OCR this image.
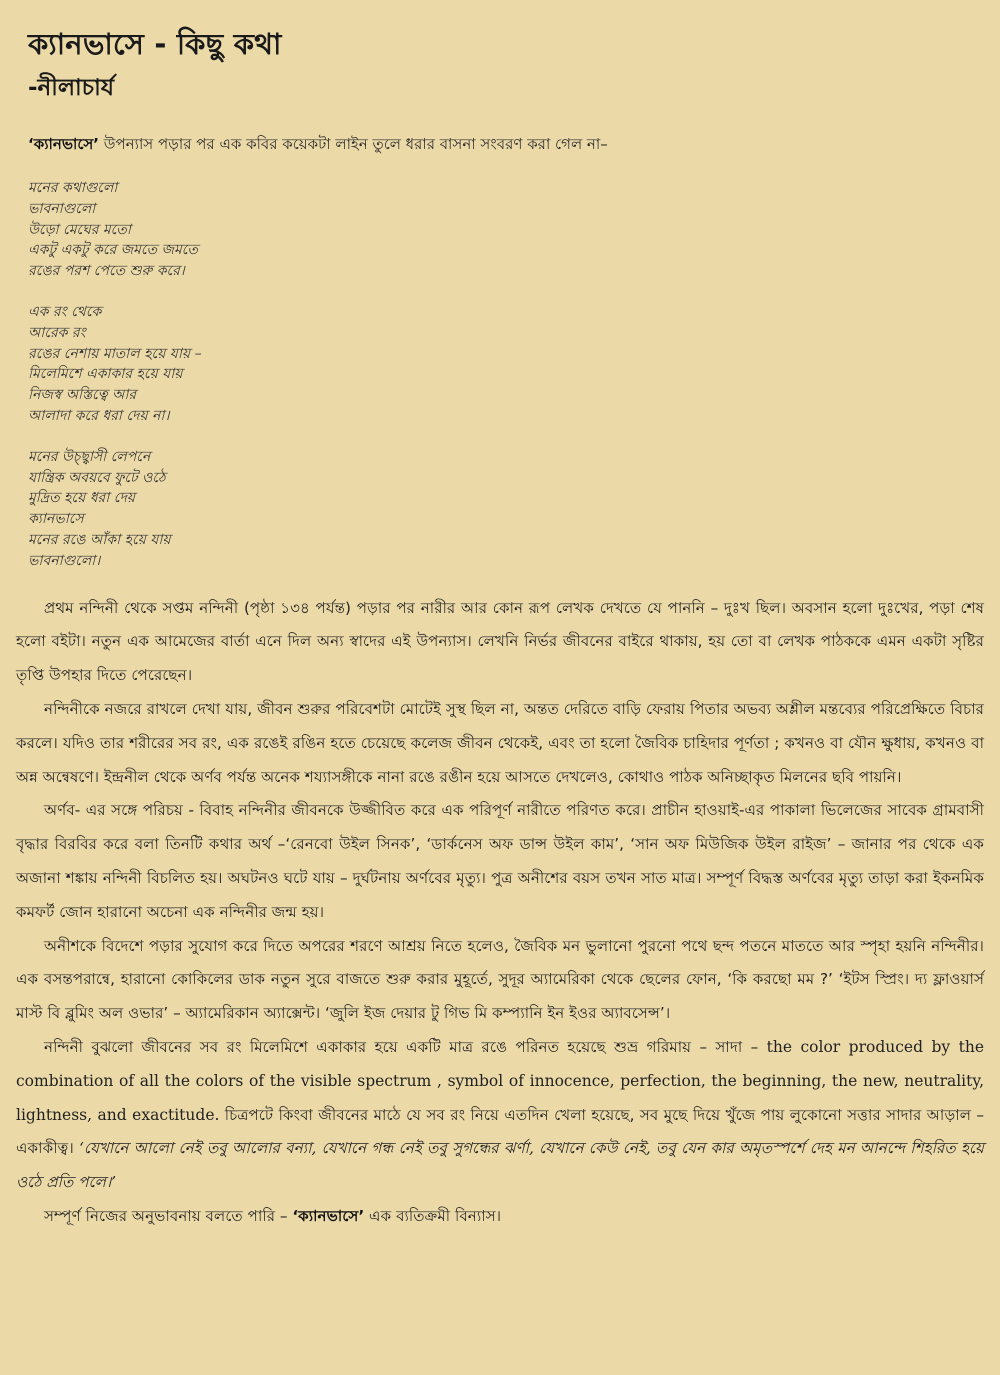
ক্যানভাসে - কিছু কথা
-নীলাচার্য
‘ক্যানভাসে’ উপন্যাস পড়ার পর এক কবির কয়েকটা লাইন তুলে ধরার বাসনা সংবরণ করা গেল না–
মনের কথাগুলো
ভাবনাগুলো
উড়ো মেঘের মতো
একটু একটু করে জমতে জমতে
রঙের পরশ পেতে শুরু করে।
এক রং থেকে
আরেক রং
রঙের নেশায় মাতাল হয়ে যায় –
মিলেমিশে একাকার হয়ে যায়
নিজস্ব অস্তিত্বে আর
আলাদা করে ধরা দেয় না।
মনের উচ্ছ্বাসী লেপনে
যান্ত্রিক অবয়বে ফুটে ওঠে
মুদ্রিত হয়ে ধরা দেয়
ক্যানভাসে
মনের রঙে আঁকা হয়ে যায়
ভাবনাগুলো।

প্রথম নন্দিনী থেকে সপ্তম নন্দিনী (পৃষ্ঠা ১৩৪ পর্যন্ত) পড়ার পর নারীর আর কোন রূপ লেখক দেখতে যে পাননি – দুঃখ ছিল। অবসান হলো দুঃখের, পড়া শেষ হলো বইটা। নতুন এক আমেজের বার্তা এনে দিল অন্য স্বাদের এই উপন্যাস। লেখনি নির্ভর জীবনের বাইরে থাকায়, হয় তো বা লেখক পাঠককে এমন একটা সৃষ্টির তৃপ্তি উপহার দিতে পেরেছেন।

নন্দিনীকে নজরে রাখলে দেখা যায়, জীবন শুরুর পরিবেশটা মোটেই সুস্থ ছিল না, অন্তত দেরিতে বাড়ি ফেরায় পিতার অভব্য অশ্লীল মন্তব্যের পরিপ্রেক্ষিতে বিচার করলে। যদিও তার শরীরের সব রং, এক রঙেই রঙিন হতে চেয়েছে কলেজ জীবন থেকেই, এবং তা হলো জৈবিক চাহিদার পূর্ণতা ; কখনও বা যৌন ক্ষুধায়, কখনও বা অন্ন অন্বেষণে। ইন্দ্রনীল থেকে অর্ণব পর্যন্ত অনেক শয্যাসঙ্গীকে নানা রঙে রঙীন হয়ে আসতে দেখলেও, কোথাও পাঠক অনিচ্ছাকৃত মিলনের ছবি পায়নি।

অর্ণব- এর সঙ্গে পরিচয় - বিবাহ নন্দিনীর জীবনকে উজ্জীবিত করে এক পরিপূর্ণ নারীতে পরিণত করে। প্রাচীন হাওয়াই-এর পাকালা ভিলেজের সাবেক গ্রামবাসী বৃদ্ধার বিরবির করে বলা তিনটি কথার অর্থ –‘রেনবো উইল সিনক’, ‘ডার্কনেস অফ ডান্স উইল কাম’, ‘সান অফ মিউজিক উইল রাইজ’ – জানার পর থেকে এক অজানা শঙ্কায় নন্দিনী বিচলিত হয়। অঘটনও ঘটে যায় – দুর্ঘটনায় অর্ণবের মৃত্যু। পুত্র অনীশের বয়স তখন সাত মাত্র। সম্পূর্ণ বিদ্ধস্ত অর্ণবের মৃত্যু তাড়া করা ইকনমিক কমফর্ট জোন হারানো অচেনা এক নন্দিনীর জন্ম হয়।

অনীশকে বিদেশে পড়ার সুযোগ করে দিতে অপরের শরণে আশ্রয় নিতে হলেও, জৈবিক মন ভুলানো পুরনো পথে ছন্দ পতনে মাততে আর স্পৃহা হয়নি নন্দিনীর। এক বসন্তপরান্বে, হারানো কোকিলের ডাক নতুন সুরে বাজতে শুরু করার মুহূর্তে, সুদূর অ্যামেরিকা থেকে ছেলের ফোন, ‘কি করছো মম ?’ ‘ইটস স্প্রিং। দ্য ফ্লাওয়ার্স মাস্ট বি ব্লুমিং অল ওভার’ – অ্যামেরিকান অ্যাক্সেন্ট। ‘জুলি ইজ দেয়ার টু গিভ মি কম্প্যানি ইন ইওর অ্যাবসেন্স’।

নন্দিনী বুঝলো জীবনের সব রং মিলেমিশে একাকার হয়ে একটি মাত্র রঙে পরিনত হয়েছে শুভ্র গরিমায় – সাদা – the color produced by the combination of all the colors of the visible spectrum , symbol of innocence, perfection, the beginning, the new, neutrality, lightness, and exactitude. চিত্রপটে কিংবা জীবনের মাঠে যে সব রং নিয়ে এতদিন খেলা হয়েছে, সব মুছে দিয়ে খুঁজে পায় লুকোনো সত্তার সাদার আড়াল – একাকীত্ব। ‘যেখানে আলো নেই তবু আলোর বন্যা, যেখানে গন্ধ নেই তবু সুগন্ধের ঝর্ণা, যেখানে কেউ নেই, তবু যেন কার অমৃতস্পর্শে দেহ মন আনন্দে শিহরিত হয়ে ওঠে প্রতি পলে।’

সম্পূর্ণ নিজের অনুভাবনায় বলতে পারি – ‘ক্যানভাসে’ এক ব্যতিক্রমী বিন্যাস।
